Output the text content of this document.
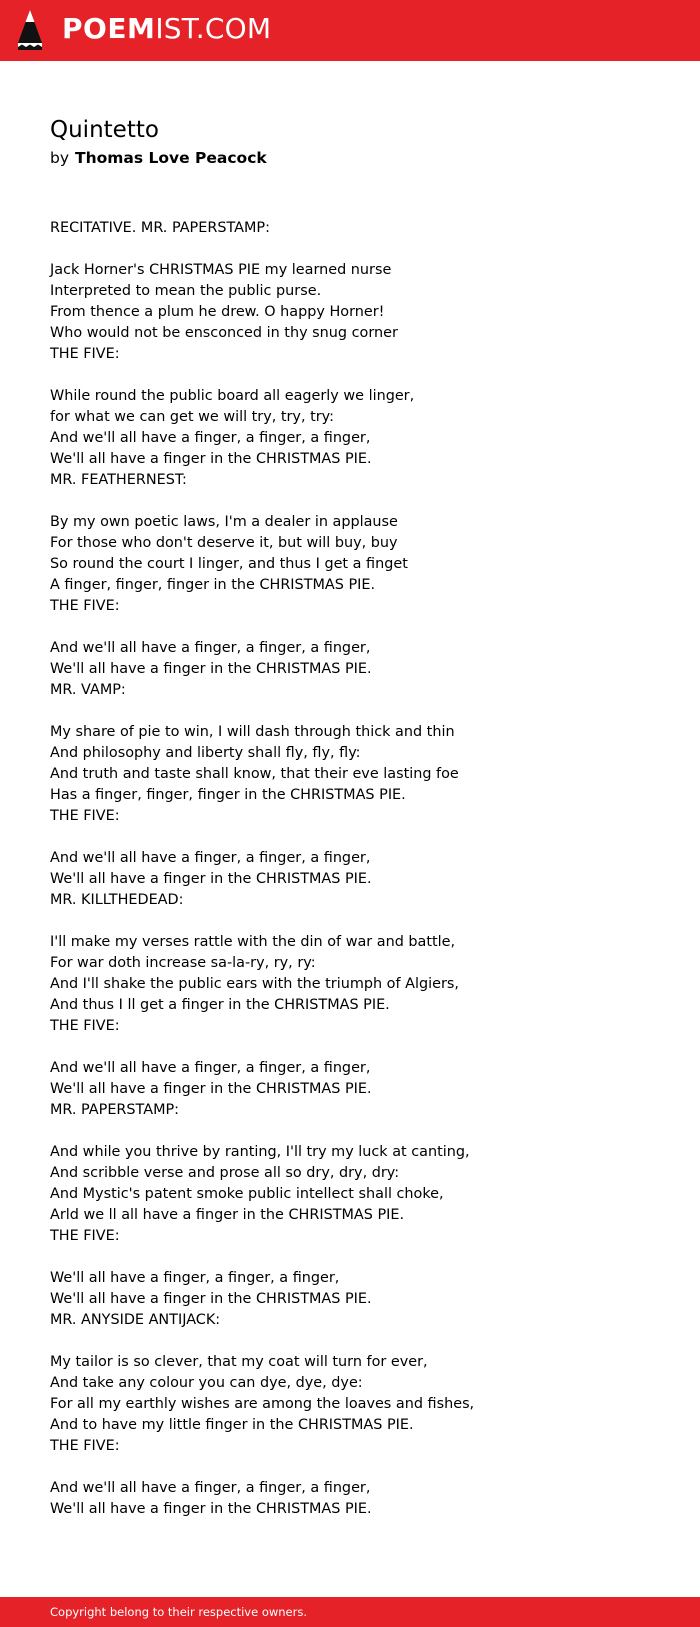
POEMIST.COM
Quintetto
by Thomas Love Peacock
RECITATIVE. MR. PAPERSTAMP:
Jack Horner's CHRISTMAS PIE my learned nurse
Interpreted to mean the public purse.
From thence a plum he drew. O happy Horner!
Who would not be ensconced in thy snug corner
THE FIVE:
While round the public board all eagerly we linger,
for what we can get we will try, try, try:
And we'll all have a finger, a finger, a finger,
We'll all have a finger in the CHRISTMAS PIE.
MR. FEATHERNEST:
By my own poetic laws, I'm a dealer in applause
For those who don't deserve it, but will buy, buy
So round the court I linger, and thus I get a finget
A finger, finger, finger in the CHRISTMAS PIE.
THE FIVE:
And we'll all have a finger, a finger, a finger,
We'll all have a finger in the CHRISTMAS PIE.
MR. VAMP:
My share of pie to win, I will dash through thick and thin
And philosophy and liberty shall fly, fly, fly:
And truth and taste shall know, that their eve lasting foe
Has a finger, finger, finger in the CHRISTMAS PIE.
THE FIVE:
And we'll all have a finger, a finger, a finger,
We'll all have a finger in the CHRISTMAS PIE.
MR. KILLTHEDEAD:
I'll make my verses rattle with the din of war and battle,
For war doth increase sa-la-ry, ry, ry:
And I'll shake the public ears with the triumph of Algiers,
And thus I ll get a finger in the CHRISTMAS PIE.
THE FIVE:
And we'll all have a finger, a finger, a finger,
We'll all have a finger in the CHRISTMAS PIE.
MR. PAPERSTAMP:
And while you thrive by ranting, I'll try my luck at canting,
And scribble verse and prose all so dry, dry, dry:
And Mystic's patent smoke public intellect shall choke,
Arld we ll all have a finger in the CHRISTMAS PIE.
THE FIVE:
We'll all have a finger, a finger, a finger,
We'll all have a finger in the CHRISTMAS PIE.
MR. ANYSIDE ANTIJACK:
My tailor is so clever, that my coat will turn for ever,
And take any colour you can dye, dye, dye:
For all my earthly wishes are among the loaves and fishes,
And to have my little finger in the CHRISTMAS PIE.
THE FIVE:
And we'll all have a finger, a finger, a finger,
We'll all have a finger in the CHRISTMAS PIE.
Copyright belong to their respective owners.
